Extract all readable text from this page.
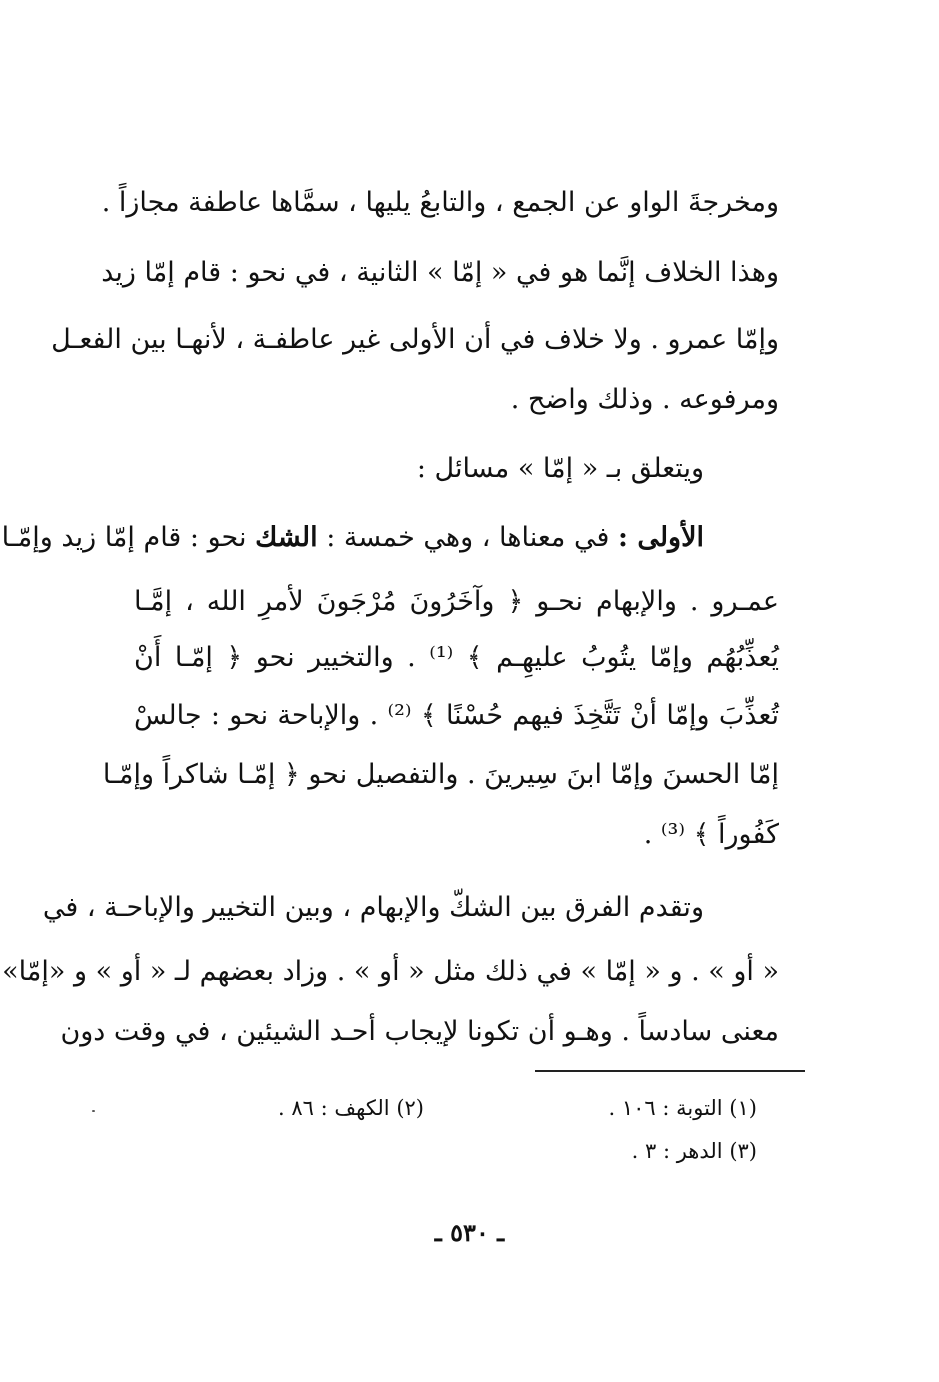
ومخرجةَ الواو عن الجمع ، والتابعُ يليها ، سمَّاها عاطفة مجازاً .
وهذا الخلاف إنَّما هو في « إمّا » الثانية ، في نحو : قام إمّا زيد
وإمّا عمرو . ولا خلاف في أن الأولى غير عاطفـة ، لأنهـا بين الفعـل
ومرفوعه . وذلك واضح .
ويتعلق بـ « إمّا » مسائل :
الأولى : في معناها ، وهي خمسة : الشك نحو : قام إمّا زيد وإمّـا
عمـرو . والإبهام نحـو ﴿ وآخَرُونَ مُرْجَونَ لأمرِ الله ، إمَّـا
يُعذِّبُهُم وإمّا يتُوبُ عليهِـم ﴾ ⁽¹⁾ . والتخيير نحو ﴿ إمّـا أَنْ
تُعذِّبَ وإمّا أنْ تَتَّخِذَ فيهم حُسْنًا ﴾ ⁽²⁾ . والإباحة نحو : جالسْ
إمّا الحسنَ وإمّا ابنَ سِيرينَ . والتفصيل نحو ﴿ إمّـا شاكراً وإمّـا
كَفُوراً ﴾ ⁽³⁾ .
وتقدم الفرق بين الشكّ والإبهام ، وبين التخيير والإباحـة ، في
« أو » . و « إمّا » في ذلك مثل « أو » . وزاد بعضهم لـ « أو » و «إمّا»
معنى سادساً . وهـو أن تكونا لإيجاب أحـد الشيئين ، في وقت دون
(١) التوبة : ١٠٦ .
(٢) الكهف : ٨٦ .
(٣) الدهر : ٣ .
ـ ٥٣٠ ـ
